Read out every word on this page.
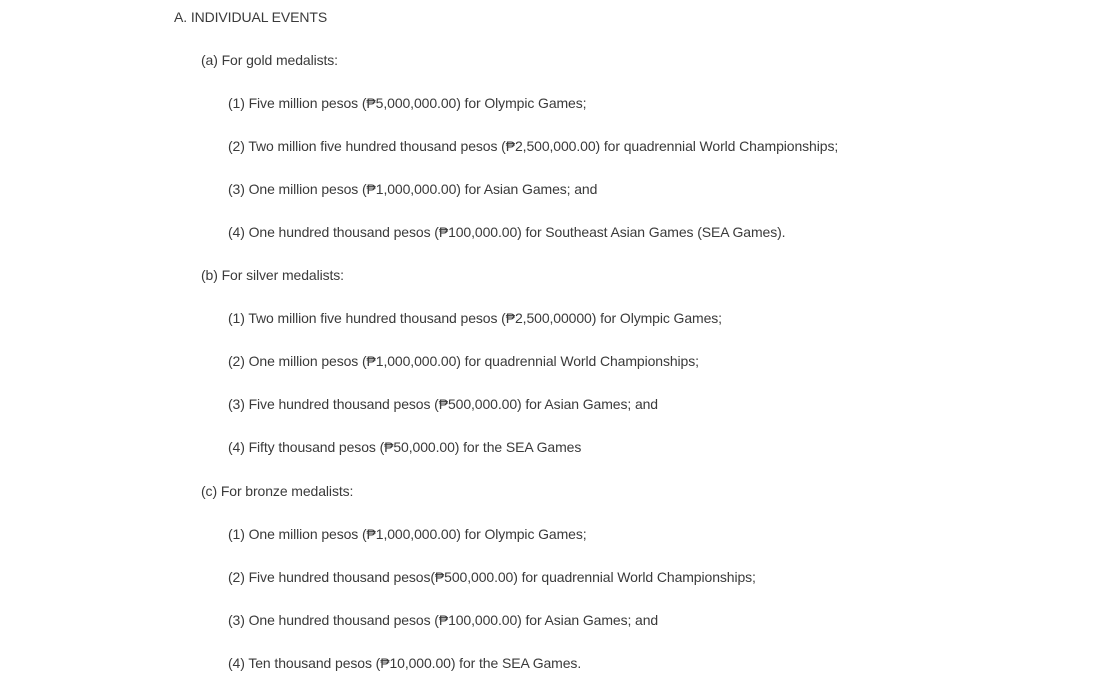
A. INDIVIDUAL EVENTS
(a) For gold medalists:
(1) Five million pesos (₱5,000,000.00) for Olympic Games;
(2) Two million five hundred thousand pesos (₱2,500,000.00) for quadrennial World Championships;
(3) One million pesos (₱1,000,000.00) for Asian Games; and
(4) One hundred thousand pesos (₱100,000.00) for Southeast Asian Games (SEA Games).
(b) For silver medalists:
(1) Two million five hundred thousand pesos (₱2,500,00000) for Olympic Games;
(2) One million pesos (₱1,000,000.00) for quadrennial World Championships;
(3) Five hundred thousand pesos (₱500,000.00) for Asian Games; and
(4) Fifty thousand pesos (₱50,000.00) for the SEA Games
(c) For bronze medalists:
(1) One million pesos (₱1,000,000.00) for Olympic Games;
(2) Five hundred thousand pesos(₱500,000.00) for quadrennial World Championships;
(3) One hundred thousand pesos (₱100,000.00) for Asian Games; and
(4) Ten thousand pesos (₱10,000.00) for the SEA Games.
